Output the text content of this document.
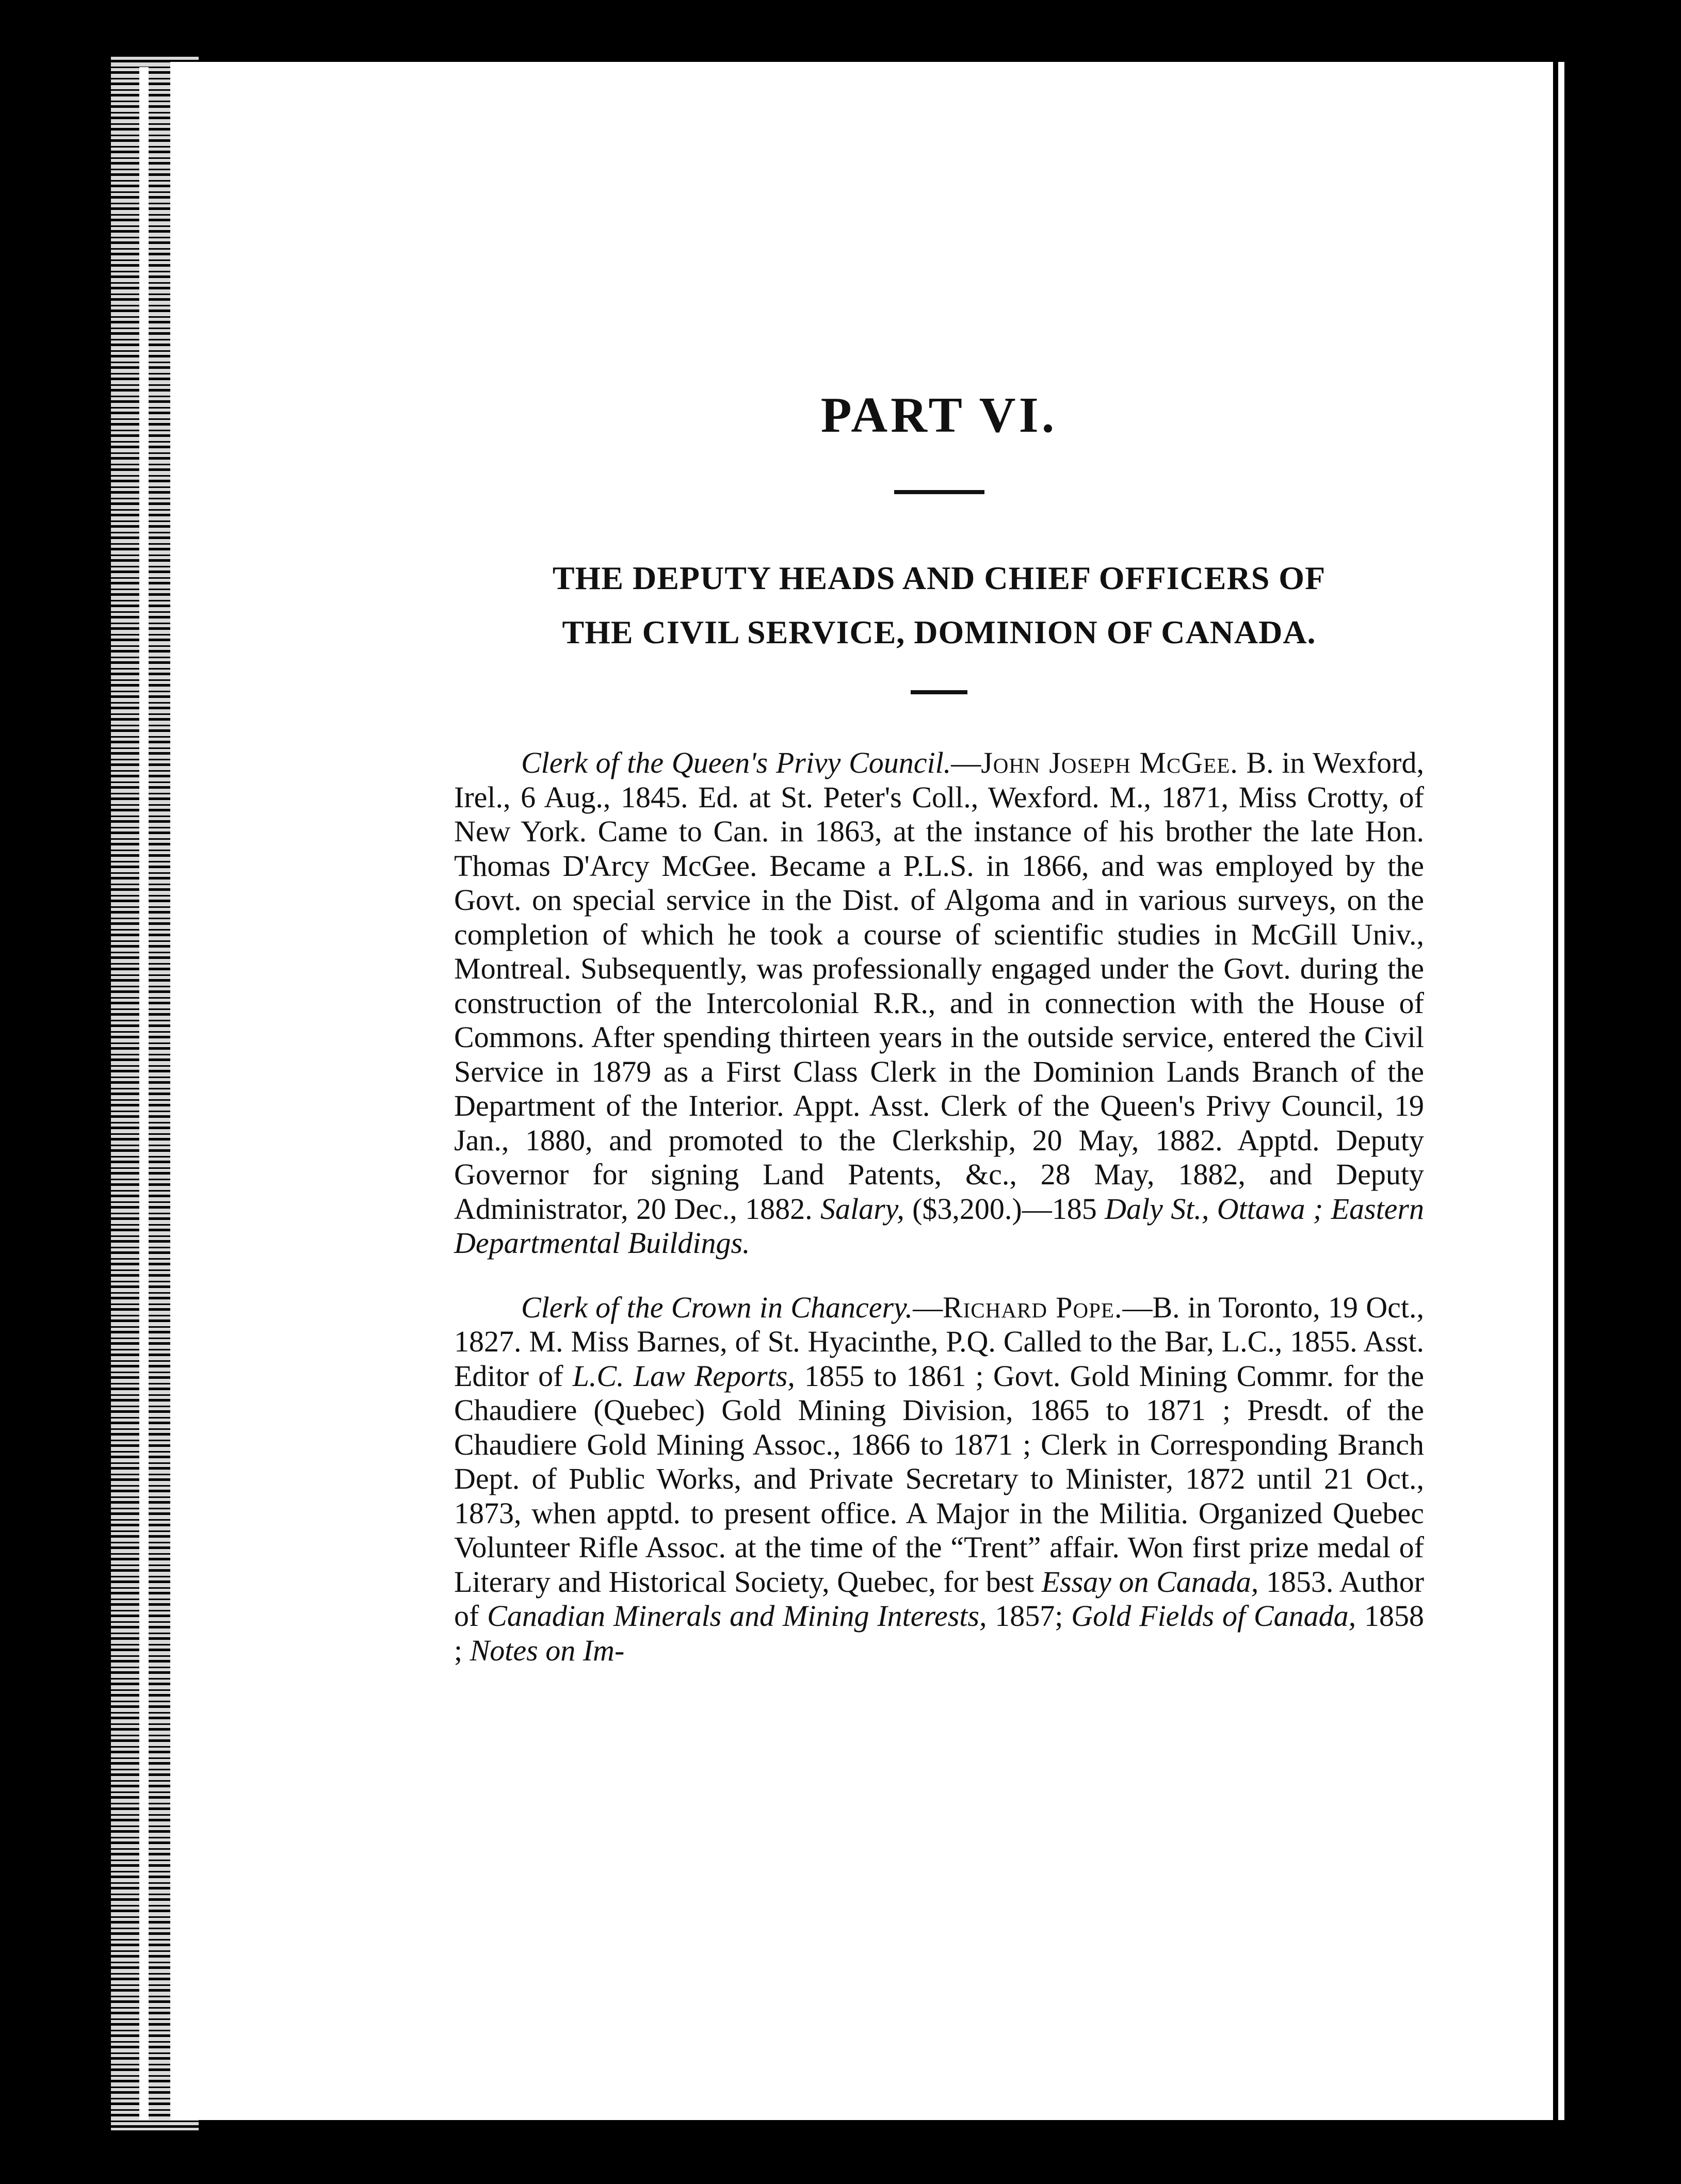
PART VI.
THE DEPUTY HEADS AND CHIEF OFFICERS OF
THE CIVIL SERVICE, DOMINION OF CANADA.

Clerk of the Queen's Privy Council.—John Joseph McGee. B. in Wexford, Irel., 6 Aug., 1845. Ed. at St. Peter's Coll., Wexford. M., 1871, Miss Crotty, of New York. Came to Can. in 1863, at the instance of his brother the late Hon. Thomas D'Arcy McGee. Became a P.L.S. in 1866, and was employed by the Govt. on special service in the Dist. of Algoma and in various surveys, on the completion of which he took a course of scientific studies in McGill Univ., Montreal. Subsequently, was professionally engaged under the Govt. during the construction of the Intercolonial R.R., and in connection with the House of Commons. After spending thirteen years in the outside service, entered the Civil Service in 1879 as a First Class Clerk in the Dominion Lands Branch of the Department of the Interior. Appt. Asst. Clerk of the Queen's Privy Council, 19 Jan., 1880, and promoted to the Clerkship, 20 May, 1882. Apptd. Deputy Governor for signing Land Patents, &c., 28 May, 1882, and Deputy Administrator, 20 Dec., 1882. Salary, ($3,200.)—185 Daly St., Ottawa ; Eastern Departmental Buildings.

Clerk of the Crown in Chancery.—Richard Pope.—B. in Toronto, 19 Oct., 1827. M. Miss Barnes, of St. Hyacinthe, P.Q. Called to the Bar, L.C., 1855. Asst. Editor of L.C. Law Reports, 1855 to 1861 ; Govt. Gold Mining Commr. for the Chaudiere (Quebec) Gold Mining Division, 1865 to 1871 ; Presdt. of the Chaudiere Gold Mining Assoc., 1866 to 1871 ; Clerk in Corresponding Branch Dept. of Public Works, and Private Secretary to Minister, 1872 until 21 Oct., 1873, when apptd. to present office. A Major in the Militia. Organized Quebec Volunteer Rifle Assoc. at the time of the “Trent” affair. Won first prize medal of Literary and Historical Society, Quebec, for best Essay on Canada, 1853. Author of Canadian Minerals and Mining Interests, 1857; Gold Fields of Canada, 1858 ; Notes on Im-
